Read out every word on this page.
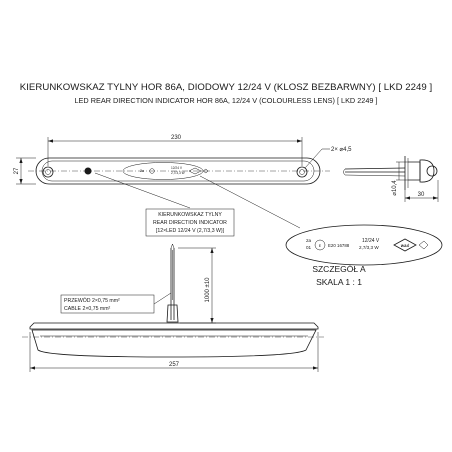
KIERUNKOWSKAZ TYLNY HOR 86A, DIODOWY 12/24 V (KLOSZ BEZBARWNY) [ LKD 2249 ]
LED REAR DIRECTION INDICATOR HOR 86A, 12/24 V (COLOURLESS LENS) [ LKD 2249 ]
2a
12/24 V
2,7/3,3 W
230
27
2× ⌀4,5
⌀10,4	30
KIERUNKOWSKAZ TYLNY
REAR DIRECTION INDICATOR
[12×LED 12/24 V (2,7/3,3 W)]
2a
01 E E20 16788
12/24 V
2,7/3,3 W	WAŚ
SZCZEGÓŁ A
SKALA 1 : 1
1000 ±10
PRZEWÓD 2×0,75 mm²
CABLE 2×0,75 mm²
257
